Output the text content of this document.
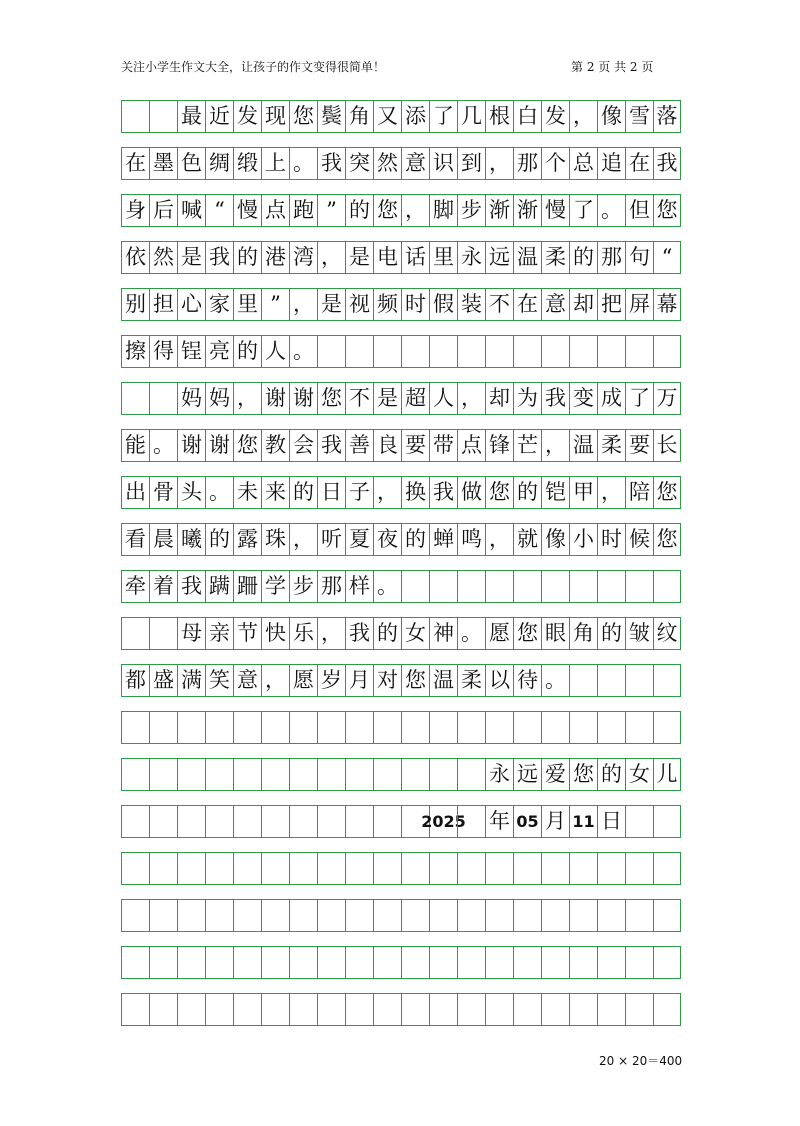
关注小学生作文大全，让孩子的作文变得很简单！	第 2 页 共 2 页
最 近 发 现 您 鬓 角 又 添 了 几 根 白 发 ， 像 雪 落
在 墨 色 绸 缎 上 。 我 突 然 意 识 到 ， 那 个 总 追 在 我
身 后 喊 “ 慢 点 跑 ” 的 您 ， 脚 步 渐 渐 慢 了 。 但 您
依 然 是 我 的 港 湾 ， 是 电 话 里 永 远 温 柔 的 那 句 “
别 担 心 家 里 ” ， 是 视 频 时 假 装 不 在 意 却 把 屏 幕
擦 得 锃 亮 的 人 。
妈 妈 ， 谢 谢 您 不 是 超 人 ， 却 为 我 变 成 了 万
能 。 谢 谢 您 教 会 我 善 良 要 带 点 锋 芒 ， 温 柔 要 长
出 骨 头 。 未 来 的 日 子 ， 换 我 做 您 的 铠 甲 ， 陪 您
看 晨 曦 的 露 珠 ， 听 夏 夜 的 蝉 鸣 ， 就 像 小 时 候 您
牵 着 我 蹒 跚 学 步 那 样 。
母 亲 节 快 乐 ， 我 的 女 神 。 愿 您 眼 角 的 皱 纹
都 盛 满 笑 意 ， 愿 岁 月 对 您 温 柔 以 待 。
永 远 爱 您 的 女 儿
2025 年 05 月 11 日
20 × 20＝400
